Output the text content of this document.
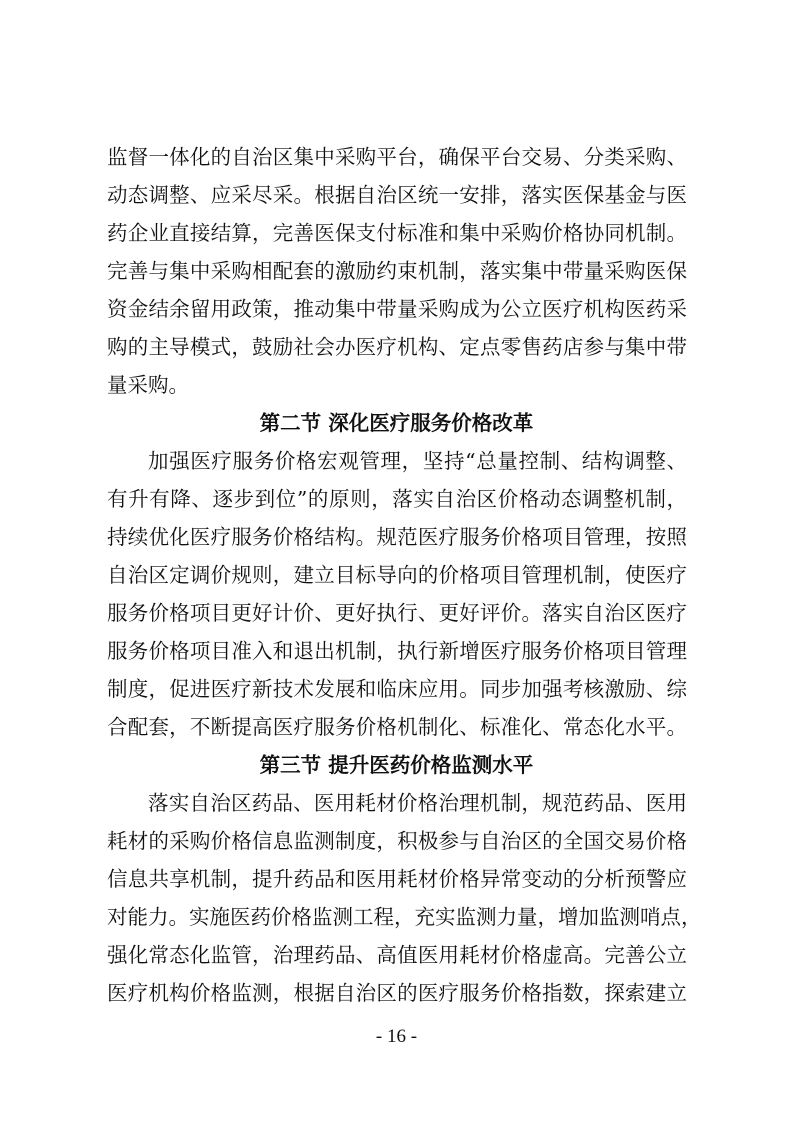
监督一体化的自治区集中采购平台，确保平台交易、分类采购、
动态调整、应采尽采。根据自治区统一安排，落实医保基金与医
药企业直接结算，完善医保支付标准和集中采购价格协同机制。
完善与集中采购相配套的激励约束机制，落实集中带量采购医保
资金结余留用政策，推动集中带量采购成为公立医疗机构医药采
购的主导模式，鼓励社会办医疗机构、定点零售药店参与集中带
量采购。
第二节 深化医疗服务价格改革
加强医疗服务价格宏观管理，坚持“总量控制、结构调整、
有升有降、逐步到位”的原则，落实自治区价格动态调整机制，
持续优化医疗服务价格结构。规范医疗服务价格项目管理，按照
自治区定调价规则，建立目标导向的价格项目管理机制，使医疗
服务价格项目更好计价、更好执行、更好评价。落实自治区医疗
服务价格项目准入和退出机制，执行新增医疗服务价格项目管理
制度，促进医疗新技术发展和临床应用。同步加强考核激励、综
合配套，不断提高医疗服务价格机制化、标准化、常态化水平。
第三节 提升医药价格监测水平
落实自治区药品、医用耗材价格治理机制，规范药品、医用
耗材的采购价格信息监测制度，积极参与自治区的全国交易价格
信息共享机制，提升药品和医用耗材价格异常变动的分析预警应
对能力。实施医药价格监测工程，充实监测力量，增加监测哨点，
强化常态化监管，治理药品、高值医用耗材价格虚高。完善公立
医疗机构价格监测，根据自治区的医疗服务价格指数，探索建立
- 16 -
